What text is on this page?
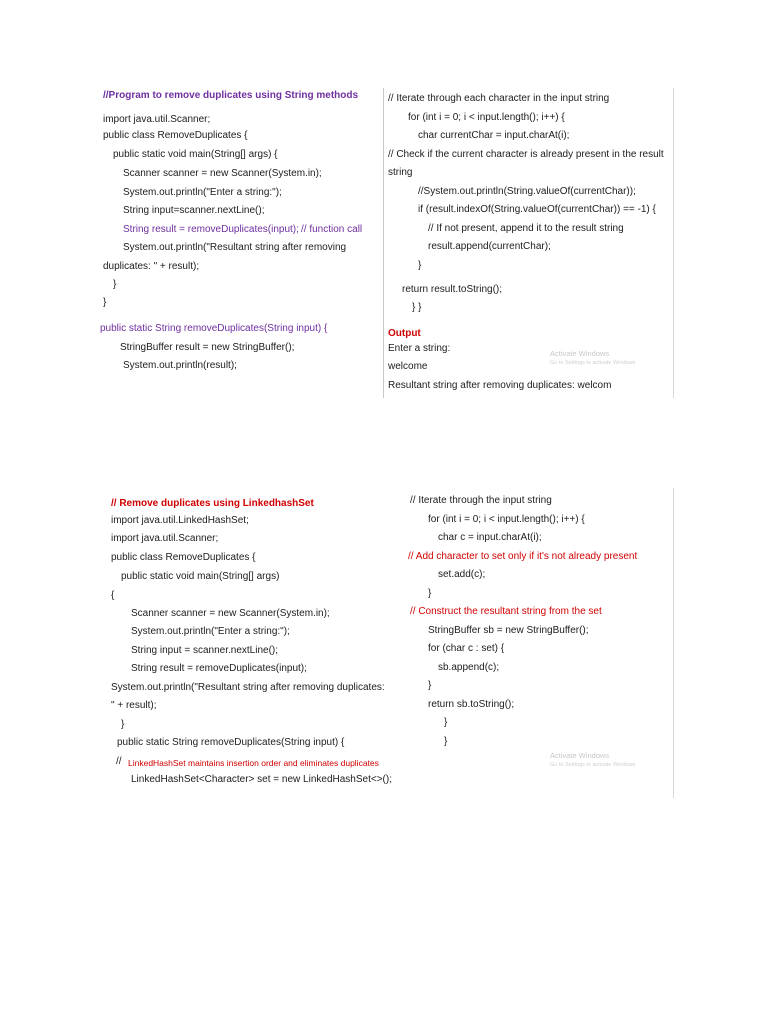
//Program to remove duplicates using String methods
import java.util.Scanner;
public class RemoveDuplicates {
public static void main(String[] args) {
Scanner scanner = new Scanner(System.in);
System.out.println("Enter a string:");
String input=scanner.nextLine();
String result = removeDuplicates(input); // function call
System.out.println("Resultant string after removing
duplicates: " + result);
}
}
public static String removeDuplicates(String input) {
StringBuffer result = new StringBuffer();
System.out.println(result);
// Iterate through each character in the input string
for (int i = 0; i < input.length(); i++) {
char currentChar = input.charAt(i);
// Check if the current character is already present in the result
string
//System.out.println(String.valueOf(currentChar));
if (result.indexOf(String.valueOf(currentChar)) == -1) {
// If not present, append it to the result string
result.append(currentChar);
}
return result.toString();
} }
Output
Enter a string:
welcome
Resultant string after removing duplicates: welcom
Activate Windows
Go to Settings to activate Windows.
// Remove duplicates using LinkedhashSet
import java.util.LinkedHashSet;
import java.util.Scanner;
public class RemoveDuplicates {
public static void main(String[] args)
{
Scanner scanner = new Scanner(System.in);
System.out.println("Enter a string:");
String input = scanner.nextLine();
String result = removeDuplicates(input);
System.out.println("Resultant string after removing duplicates:
" + result);
}
public static String removeDuplicates(String input) {
// LinkedHashSet maintains insertion order and eliminates duplicates
LinkedHashSet<Character> set = new LinkedHashSet<>();
// Iterate through the input string
for (int i = 0; i < input.length(); i++) {
char c = input.charAt(i);
// Add character to set only if it's not already present
set.add(c);
}
// Construct the resultant string from the set
StringBuffer sb = new StringBuffer();
for (char c : set) {
sb.append(c);
}
return sb.toString();
}
}
Activate Windows
Go to Settings to activate Windows.
